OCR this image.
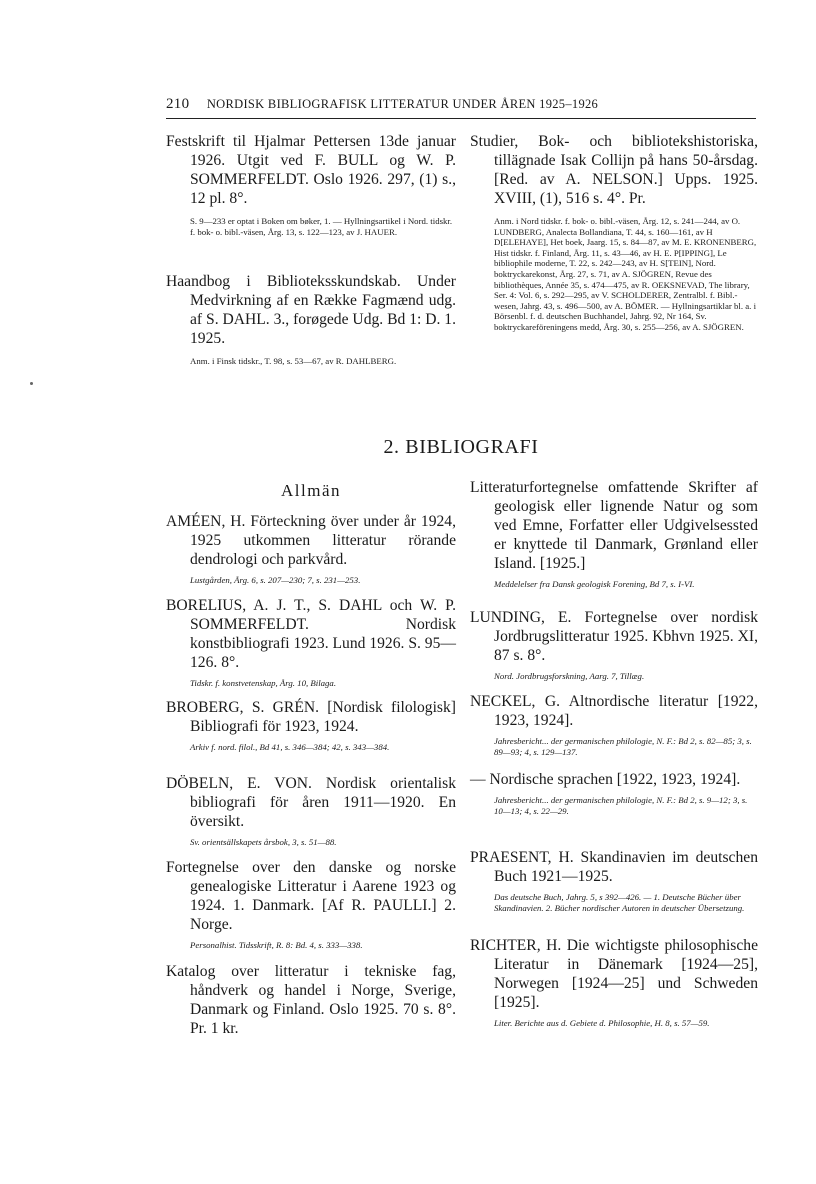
210 NORDISK BIBLIOGRAFISK LITTERATUR UNDER ÅREN 1925–1926

Festskrift til Hjalmar Pettersen 13de januar 1926. Utgit ved F. BULL og W. P. SOMMERFELDT. Oslo 1926. 297, (1) s., 12 pl. 8°.

S. 9—233 er optat i Boken om bøker, 1. — Hyllningsartikel i Nord. tidskr. f. bok- o. bibl.-väsen, Årg. 13, s. 122—123, av J. HAUER.

Haandbog i Biblioteksskundskab. Under Medvirkning af en Række Fagmænd udg. af S. DAHL. 3., forøgede Udg. Bd 1: D. 1. 1925.

Anm. i Finsk tidskr., T. 98, s. 53—67, av R. DAHLBERG.

Studier, Bok- och bibliotekshistoriska, tillägnade Isak Collijn på hans 50-årsdag. [Red. av A. NELSON.] Upps. 1925. XVIII, (1), 516 s. 4°. Pr.

Anm. i Nord tidskr. f. bok- o. bibl.-väsen, Årg. 12, s. 241—244, av O. LUNDBERG, Analecta Bollandiana, T. 44, s. 160—161, av H D[ELEHAYE], Het boek, Jaarg. 15, s. 84—87, av M. E. KRONENBERG, Hist tidskr. f. Finland, Årg. 11, s. 43—46, av H. E. P[IPPING], Le bibliophile moderne, T. 22, s. 242—243, av H. S[TEIN], Nord. boktryckarekonst, Årg. 27, s. 71, av A. SJÖGREN, Revue des bibliothèques, Année 35, s. 474—475, av R. OEKSNEVAD, The library, Ser. 4: Vol. 6, s. 292—295, av V. SCHOLDERER, Zentralbl. f. Bibl.-wesen, Jahrg. 43, s. 496—500, av A. BÖMER. — Hyllningsartiklar bl. a. i Börsenbl. f. d. deutschen Buchhandel, Jahrg. 92, Nr 164, Sv. boktryckareföreningens medd, Årg. 30, s. 255—256, av A. SJÖGREN.

2. BIBLIOGRAFI
Allmän

AMÉEN, H. Förteckning över under år 1924, 1925 utkommen litteratur rörande dendrologi och parkvård.

Lustgården, Årg. 6, s. 207—230; 7, s. 231—253.

BORELIUS, A. J. T., S. DAHL och W. P. SOMMERFELDT. Nordisk konstbibliografi 1923. Lund 1926. S. 95—126. 8°.

Tidskr. f. konstvetenskap, Årg. 10, Bilaga.

BROBERG, S. GRÉN. [Nordisk filologisk] Bibliografi för 1923, 1924.

Arkiv f. nord. filol., Bd 41, s. 346—384; 42, s. 343—384.

DÖBELN, E. VON. Nordisk orientalisk bibliografi för åren 1911—1920. En översikt.

Sv. orientsällskapets årsbok, 3, s. 51—88.

Fortegnelse over den danske og norske genealogiske Litteratur i Aarene 1923 og 1924. 1. Danmark. [Af R. PAULLI.] 2. Norge.

Personalhist. Tidsskrift, R. 8: Bd. 4, s. 333—338.

Katalog over litteratur i tekniske fag, håndverk og handel i Norge, Sverige, Danmark og Finland. Oslo 1925. 70 s. 8°. Pr. 1 kr.

Litteraturfortegnelse omfattende Skrifter af geologisk eller lignende Natur og som ved Emne, Forfatter eller Udgivelsessted er knyttede til Danmark, Grønland eller Island. [1925.]

Meddelelser fra Dansk geologisk Forening, Bd 7, s. I-VI.

LUNDING, E. Fortegnelse over nordisk Jordbrugslitteratur 1925. Kbhvn 1925. XI, 87 s. 8°.

Nord. Jordbrugsforskning, Aarg. 7, Tillæg.

NECKEL, G. Altnordische literatur [1922, 1923, 1924].

Jahresbericht... der germanischen philologie, N. F.: Bd 2, s. 82—85; 3, s. 89—93; 4, s. 129—137.

— Nordische sprachen [1922, 1923, 1924].

Jahresbericht... der germanischen philologie, N. F.: Bd 2, s. 9—12; 3, s. 10—13; 4, s. 22—29.

PRAESENT, H. Skandinavien im deutschen Buch 1921—1925.

Das deutsche Buch, Jahrg. 5, s 392—426. — 1. Deutsche Bücher über Skandinavien. 2. Bücher nordischer Autoren in deutscher Übersetzung.

RICHTER, H. Die wichtigste philosophische Literatur in Dänemark [1924—25], Norwegen [1924—25] und Schweden [1925].

Liter. Berichte aus d. Gebiete d. Philosophie, H. 8, s. 57—59.
